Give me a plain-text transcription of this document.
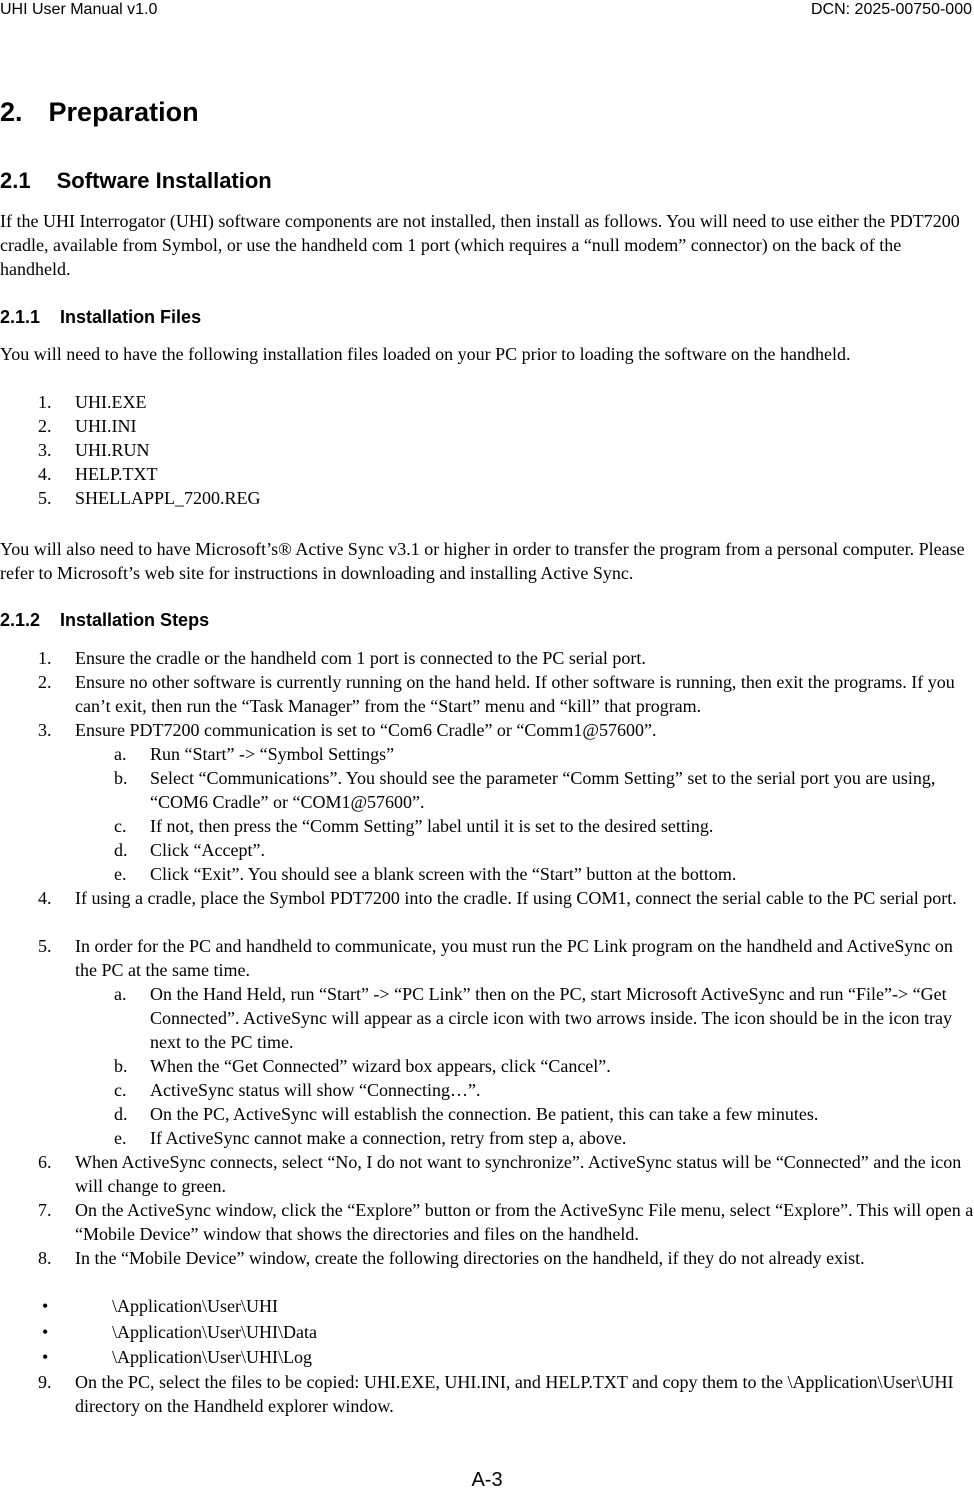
UHI User Manual v1.0	DCN: 2025-00750-000
2. Preparation
2.1 Software Installation
If the UHI Interrogator (UHI) software components are not installed, then install as follows. You will need to use either the PDT7200 cradle, available from Symbol, or use the handheld com 1 port (which requires a “null modem” connector) on the back of the handheld.
2.1.1 Installation Files
You will need to have the following installation files loaded on your PC prior to loading the software on the handheld.
1. UHI.EXE
2. UHI.INI
3. UHI.RUN
4. HELP.TXT
5. SHELLAPPL_7200.REG
You will also need to have Microsoft’s® Active Sync v3.1 or higher in order to transfer the program from a personal computer. Please refer to Microsoft’s web site for instructions in downloading and installing Active Sync.
2.1.2 Installation Steps
1. Ensure the cradle or the handheld com 1 port is connected to the PC serial port.
2. Ensure no other software is currently running on the hand held. If other software is running, then exit the programs. If you can’t exit, then run the “Task Manager” from the “Start” menu and “kill” that program.
3. Ensure PDT7200 communication is set to “Com6 Cradle” or “Comm1@57600”.
a. Run “Start” -> “Symbol Settings”
b. Select “Communications”. You should see the parameter “Comm Setting” set to the serial port you are using, “COM6 Cradle” or “COM1@57600”.
c. If not, then press the “Comm Setting” label until it is set to the desired setting.
d. Click “Accept”.
e. Click “Exit”. You should see a blank screen with the “Start” button at the bottom.
4. If using a cradle, place the Symbol PDT7200 into the cradle. If using COM1, connect the serial cable to the PC serial port.
5. In order for the PC and handheld to communicate, you must run the PC Link program on the handheld and ActiveSync on the PC at the same time.
a. On the Hand Held, run “Start” -> “PC Link” then on the PC, start Microsoft ActiveSync and run “File”-> “Get Connected”. ActiveSync will appear as a circle icon with two arrows inside. The icon should be in the icon tray next to the PC time.
b. When the “Get Connected” wizard box appears, click “Cancel”.
c. ActiveSync status will show “Connecting…”.
d. On the PC, ActiveSync will establish the connection. Be patient, this can take a few minutes.
e. If ActiveSync cannot make a connection, retry from step a, above.
6. When ActiveSync connects, select “No, I do not want to synchronize”. ActiveSync status will be “Connected” and the icon will change to green.
7. On the ActiveSync window, click the “Explore” button or from the ActiveSync File menu, select “Explore”. This will open a “Mobile Device” window that shows the directories and files on the handheld.
8. In the “Mobile Device” window, create the following directories on the handheld, if they do not already exist.
•	\Application\User\UHI
•	\Application\User\UHI\Data
•	\Application\User\UHI\Log
9. On the PC, select the files to be copied: UHI.EXE, UHI.INI, and HELP.TXT and copy them to the \Application\User\UHI directory on the Handheld explorer window.
A-3
